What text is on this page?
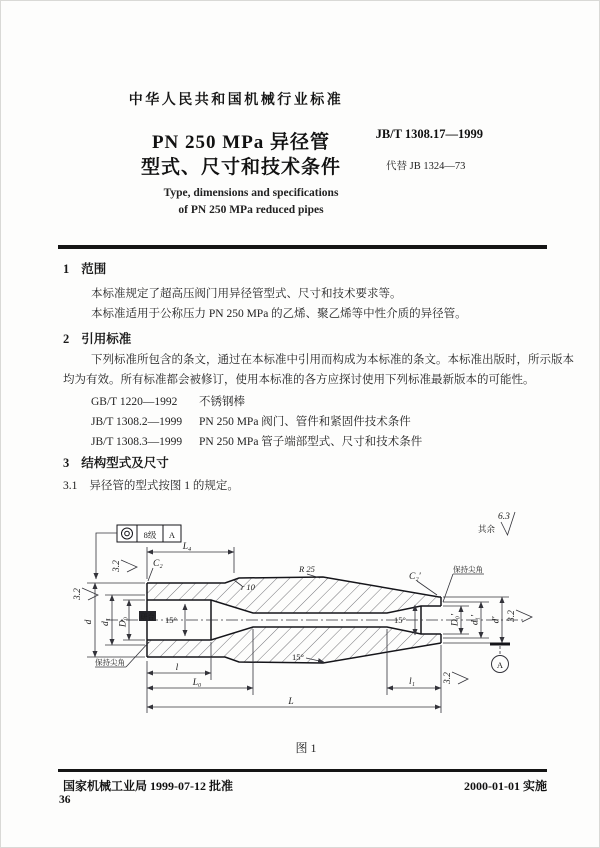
中华人民共和国机械行业标准
PN 250 MPa 异径管
型式、尺寸和技术条件
Type, dimensions and specifications
of PN 250 MPa reduced pipes
JB/T 1308.17—1999
代替 JB 1324—73
1 范围
本标准规定了超高压阀门用异径管型式、尺寸和技术要求等。
本标准适用于公称压力 PN 250 MPa 的乙烯、聚乙烯等中性介质的异径管。
2 引用标准
下列标准所包含的条文，通过在本标准中引用而构成为本标准的条文。本标准出版时，所示版本
均为有效。所有标准都会被修订，使用本标准的各方应探讨使用下列标准最新版本的可能性。
GB/T 1220—1992 不锈钢棒
JB/T 1308.2—1999 PN 250 MPa 阀门、管件和紧固件技术条件
JB/T 1308.3—1999 PN 250 MPa 管子端部型式、尺寸和技术条件
3 结构型式及尺寸
3.1 异径管的型式按图 1 的规定。
8级 A
L₄
l
L₀	l₁
L
d d₁ D₀	D₀′ d₁′ d′
15°	15°
15°
C₂
r 10
R 25
C₂′
保持尖角
保持尖角
研合
其余
6.3
3.2
3.2
3.2
3.2
A
图 1
国家机械工业局 1999-07-12 批准	2000-01-01 实施
36
